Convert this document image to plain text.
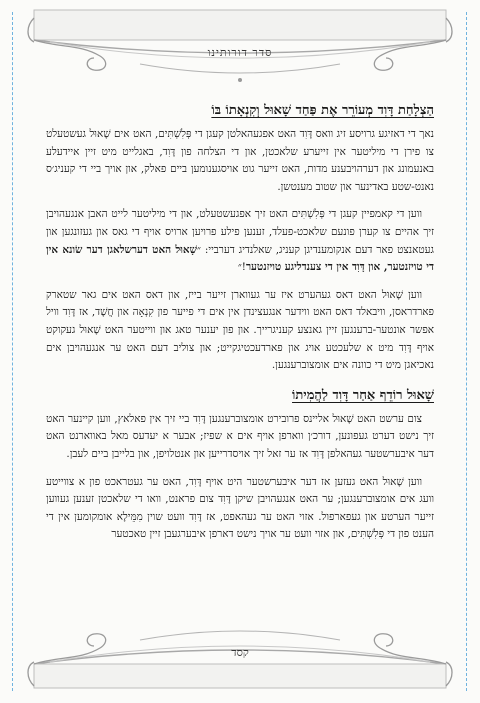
סדר דורותינו
הַצְלָחַת דָּוִד מְעוֹרֵר אֶת פַּחַד שָׁאוּל וְקִנְאָתוֹ בּוֹ

נאך די דאזיגע גרויסע זיג וואס דָּוִד האט אפגעהאלטן קעגן די פְּלִשְׁתִּים, האט אים שָׁאוּל געשטעלט צו פירן די מיליטער אין זייערע שלאכטן, און די הצלחה פון דָּוִד, באגלייט מיט זיין איידעלע באנעמונג און דערהויבענע מדות, האט זייער גוט אויסגענומען ביים פאלק, און אויך ביי די קעניג׳ס נאנט-שטע באדינער און שטוב מענטשן.

ווען די קאמפיין קעגן די פְּלִשְׁתִּים האט זיך אפגעשטעלט, און די מיליטער לייט האבן אנגעהויבן זיך אהיים צו קערן פונעם שלאכט-פעלד, זענען פילע פרויען ארויס אויף די גאס און געזונגען און געטאנצט פאר דעם אנקומענדיגן קעניג, שאלנדיג דערביי: ״שָׁאוּל האט דערשלאגן דער שׂונא אין די טויזנטער, און דָּוִד אין די צענדליגע טויזנטער!״

ווען שָׁאוּל האט דאס געהערט איז ער געווארן זייער בייז, און דאס האט אים גאר שטארק פארדראסן, וויבאלד דאס האט ווידער אנגעצינדן אין אים די פייער פון קִנְאָה און חֲשָׁד, אז דָּוִד וויל אפשר אונטער-ברענגען זיין גאנצע קעניגרייך. און פון יענער טאג און ווייטער האט שָׁאוּל געקוקט אויף דָּוִד מיט א שלעכטע אויג און פארדעכטיגקייט; און צוליב דעם האט ער אנגעהויבן אים נאכיאגן מיט די כוונה אים אומצוברענגען.

שָׁאוּל רוֹדֵף אַחַר דָּוִד לַהֲמִיתוֹ

צום ערשט האט שָׁאוּל אליינס פרובירט אומצוברענגען דָּוִד ביי זיך אין פאלאץ, ווען קיינער האט זיך נישט דערט געפונען, דורכ׳ן ווארפן אויף אים א שפיז; אבער א יעדעס מאל באווארנט האט דער איבערשטער געהאלפן דָּוִד אז ער זאל זיך אויסדרייען און אנטלויפן, און בלייבן ביים לעבן.

ווען שָׁאוּל האט געזען אז דער איבערשטער היט אויף דָּוִד, האט ער געטראכט פון א צווייטע וועג אים אומצוברענגען; ער האט אנגעהויבן שיקן דָּוִד צום פראנט, וואו די שלאכטן זענען געווען זייער הערטע און געפארפול. אזוי האט ער געהאפט, אז דָּוִד וועט שוין מִמֵּילָא אומקומען אין די הענט פון די פְּלִשְׁתִּים, און אזוי וועט ער אויך נישט דארפן איבערגעבן זיין טאכטער

קסד
